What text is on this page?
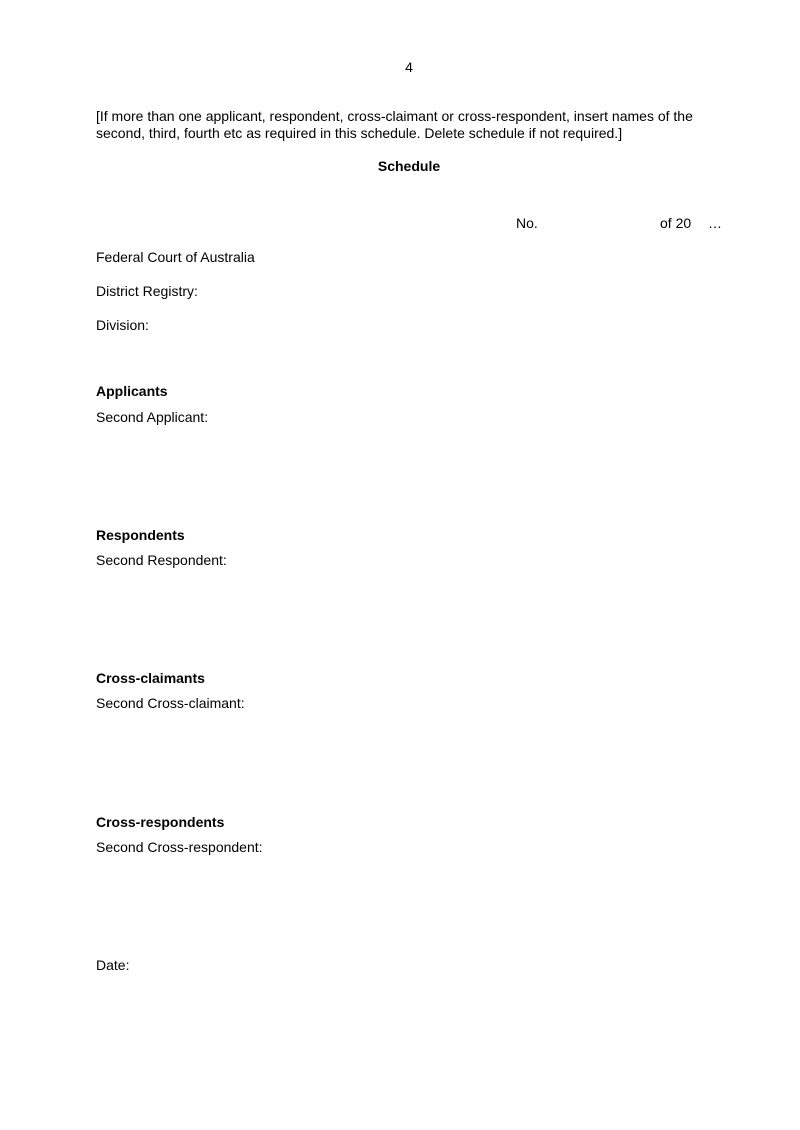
4
[If more than one applicant, respondent, cross-claimant or cross-respondent, insert names of the second, third, fourth etc as required in this schedule. Delete schedule if not required.]
Schedule
No.	of 20 …
Federal Court of Australia
District Registry:
Division:
Applicants
Second Applicant:
Respondents
Second Respondent:
Cross-claimants
Second Cross-claimant:
Cross-respondents
Second Cross-respondent:
Date:
